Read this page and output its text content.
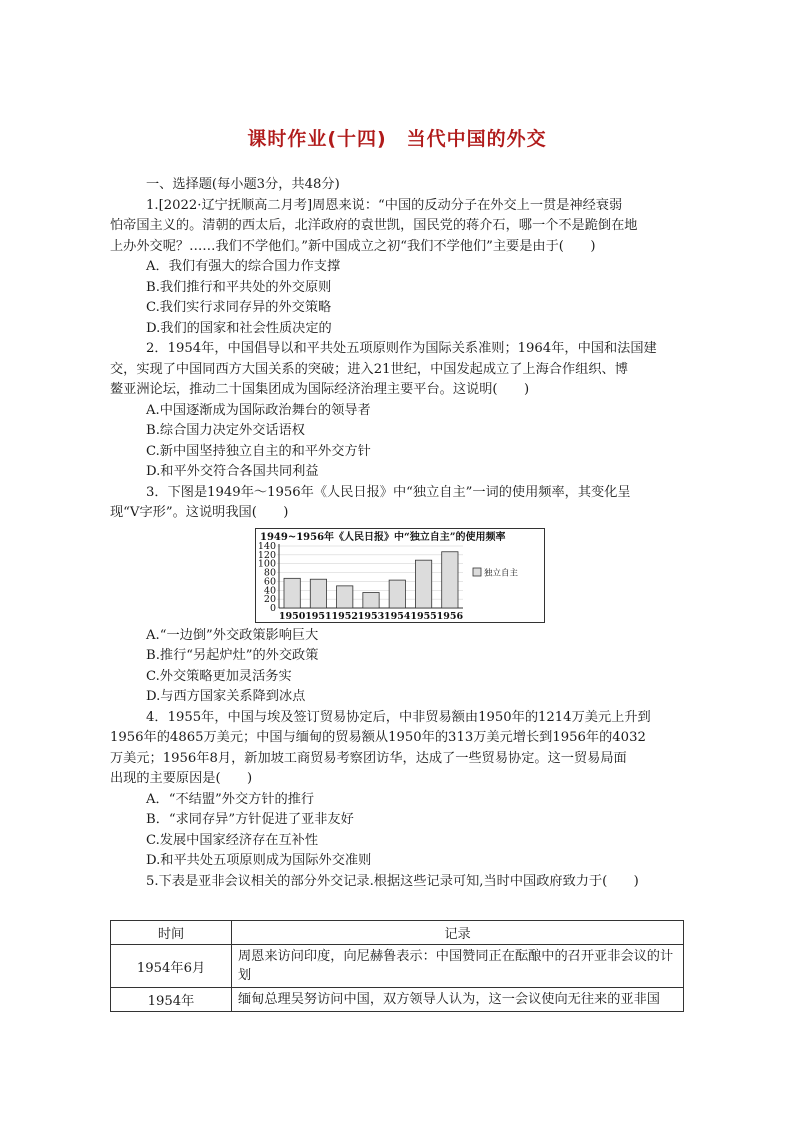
课时作业(十四)　当代中国的外交
一、选择题(每小题3分，共48分)
1.[2022·辽宁抚顺高二月考]周恩来说：“中国的反动分子在外交上一贯是神经衰弱
怕帝国主义的。清朝的西太后，北洋政府的袁世凯，国民党的蒋介石，哪一个不是跪倒在地
上办外交呢？……我们不学他们。”新中国成立之初“我们不学他们”主要是由于(　　)
A．我们有强大的综合国力作支撑
B.我们推行和平共处的外交原则
C.我们实行求同存异的外交策略
D.我们的国家和社会性质决定的
2．1954年，中国倡导以和平共处五项原则作为国际关系准则；1964年，中国和法国建
交，实现了中国同西方大国关系的突破；进入21世纪，中国发起成立了上海合作组织、博
鳌亚洲论坛，推动二十国集团成为国际经济治理主要平台。这说明(　　)
A.中国逐渐成为国际政治舞台的领导者
B.综合国力决定外交话语权
C.新中国坚持独立自主的和平外交方针
D.和平外交符合各国共同利益
3．下图是1949年～1956年《人民日报》中“独立自主”一词的使用频率，其变化呈
现“V字形”。这说明我国(　　)
1949~1956年《人民日报》中“独立自主”的使用频率
0
20
40
60
80
100
120
140
1950 1951 1952 1953 1954 1955 1956
独立自主
A.“一边倒”外交政策影响巨大
B.推行“另起炉灶”的外交政策
C.外交策略更加灵活务实
D.与西方国家关系降到冰点
4．1955年，中国与埃及签订贸易协定后，中非贸易额由1950年的1214万美元上升到
1956年的4865万美元；中国与缅甸的贸易额从1950年的313万美元增长到1956年的4032
万美元；1956年8月，新加坡工商贸易考察团访华，达成了一些贸易协定。这一贸易局面
出现的主要原因是(　　)
A．“不结盟”外交方针的推行
B．“求同存异”方针促进了亚非友好
C.发展中国家经济存在互补性
D.和平共处五项原则成为国际外交准则
5.下表是亚非会议相关的部分外交记录.根据这些记录可知,当时中国政府致力于(　　)
时间	记录
1954年6月	周恩来访问印度，向尼赫鲁表示：中国赞同正在酝酿中的召开亚非会议的计划
1954年	缅甸总理吴努访问中国，双方领导人认为，这一会议使向无往来的亚非国
